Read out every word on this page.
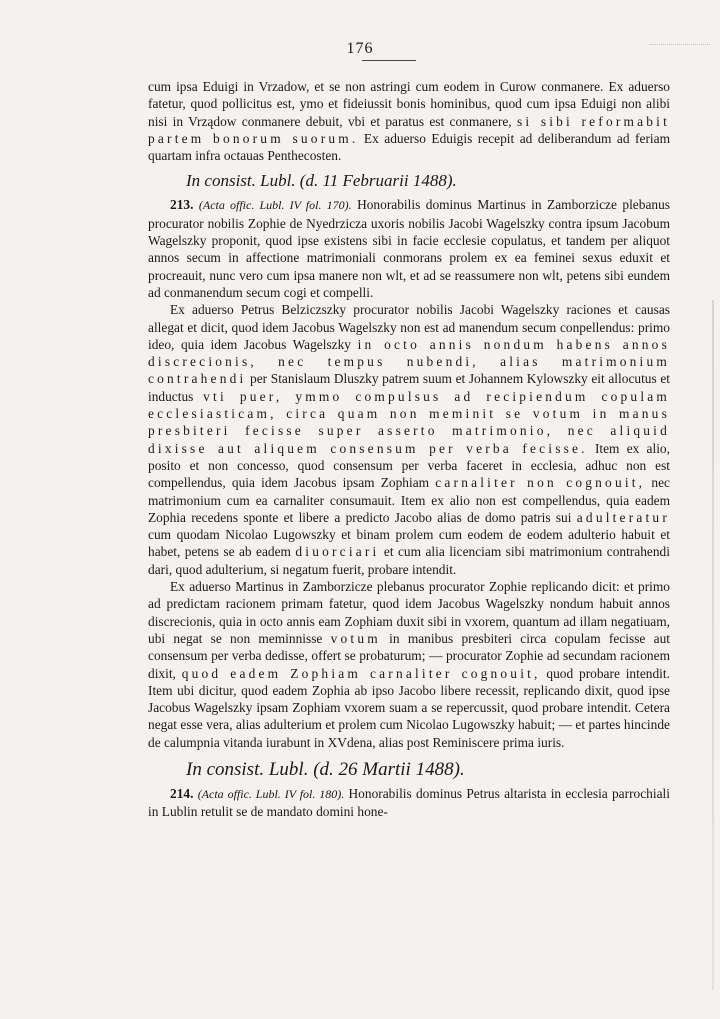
176

cum ipsa Eduigi in Vrzadow, et se non astringi cum eodem in Curow conmanere. Ex aduerso fatetur, quod pollicitus est, ymo et fideiussit bonis hominibus, quod cum ipsa Eduigi non alibi nisi in Vrządow conmanere debuit, vbi et paratus est conmanere, si sibi reformabit partem bonorum suorum. Ex aduerso Eduigis recepit ad deliberandum ad feriam quartam infra octauas Penthecosten.

In consist. Lubl. (d. 11 Februarii 1488).

213. (Acta offic. Lubl. IV fol. 170). Honorabilis dominus Martinus in Zamborzicze plebanus procurator nobilis Zophie de Nyedrzicza uxoris nobilis Jacobi Wagelszky contra ipsum Jacobum Wagelszky proponit, quod ipse existens sibi in facie ecclesie copulatus, et tandem per aliquot annos secum in affectione matrimoniali conmorans prolem ex ea feminei sexus eduxit et procreauit, nunc vero cum ipsa manere non wlt, et ad se reassumere non wlt, petens sibi eundem ad conmanendum secum cogi et compelli.

Ex aduerso Petrus Belziczszky procurator nobilis Jacobi Wagelszky raciones et causas allegat et dicit, quod idem Jacobus Wagelszky non est ad manendum secum conpellendus: primo ideo, quia idem Jacobus Wagelszky in octo annis nondum habens annos discrecionis, nec tempus nubendi, alias matrimonium contrahendi per Stanislaum Dluszky patrem suum et Johannem Kylowszky eit allocutus et inductus vti puer, ymmo compulsus ad recipiendum copulam ecclesiasticam, circa quam non meminit se votum in manus presbiteri fecisse super asserto matrimonio, nec aliquid dixisse aut aliquem consensum per verba fecisse. Item ex alio, posito et non concesso, quod consensum per verba faceret in ecclesia, adhuc non est compellendus, quia idem Jacobus ipsam Zophiam carnaliter non cognouit, nec matrimonium cum ea carnaliter consumauit. Item ex alio non est compellendus, quia eadem Zophia recedens sponte et libere a predicto Jacobo alias de domo patris sui adulteratur cum quodam Nicolao Lugowszky et binam prolem cum eodem de eodem adulterio habuit et habet, petens se ab eadem diuorciari et cum alia licenciam sibi matrimonium contrahendi dari, quod adulterium, si negatum fuerit, probare intendit.

Ex aduerso Martinus in Zamborzicze plebanus procurator Zophie replicando dicit: et primo ad predictam racionem primam fatetur, quod idem Jacobus Wagelszky nondum habuit annos discrecionis, quia in octo annis eam Zophiam duxit sibi in vxorem, quantum ad illam negatiuam, ubi negat se non meminnisse votum in manibus presbiteri circa copulam fecisse aut consensum per verba dedisse, offert se probaturum; — procurator Zophie ad secundam racionem dixit, quod eadem Zophiam carnaliter cognouit, quod probare intendit. Item ubi dicitur, quod eadem Zophia ab ipso Jacobo libere recessit, replicando dixit, quod ipse Jacobus Wagelszky ipsam Zophiam vxorem suam a se repercussit, quod probare intendit. Cetera negat esse vera, alias adulterium et prolem cum Nicolao Lugowszky habuit; — et partes hincinde de calumpnia vitanda iurabunt in XVdena, alias post Reminiscere prima iuris.

In consist. Lubl. (d. 26 Martii 1488).

214. (Acta offic. Lubl. IV fol. 180). Honorabilis dominus Petrus altarista in ecclesia parrochiali in Lublin retulit se de mandato domini hone-
